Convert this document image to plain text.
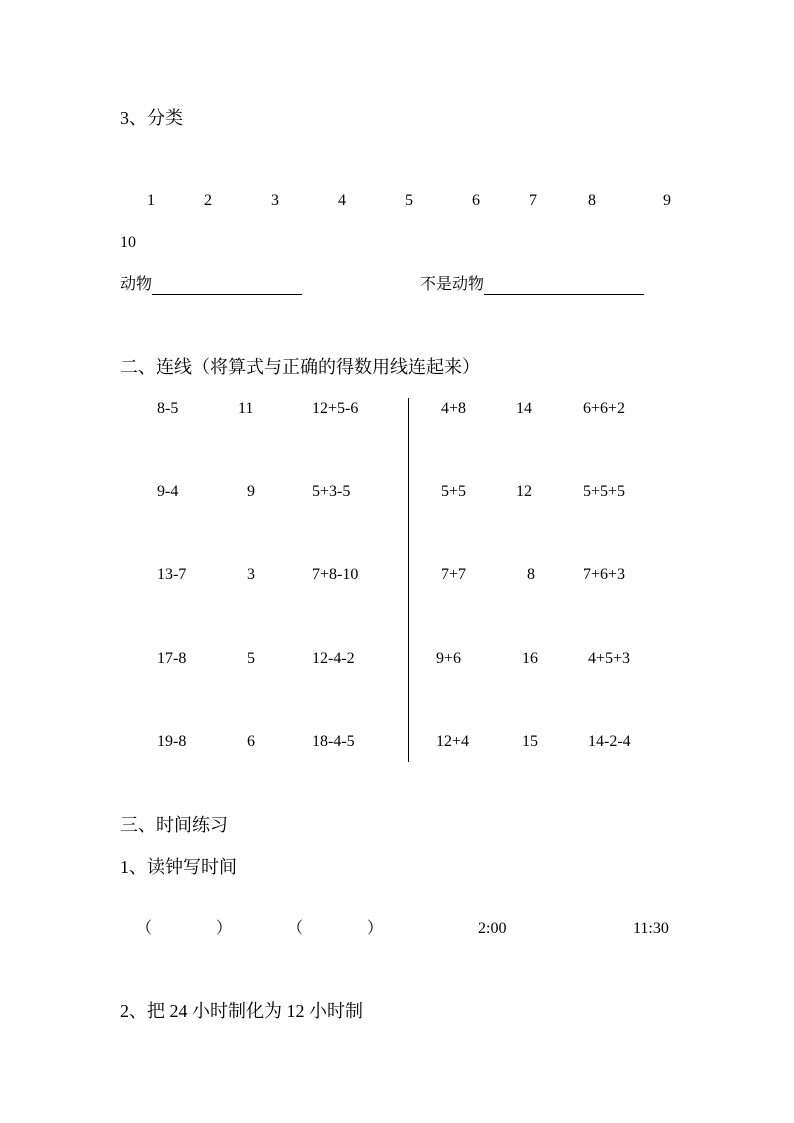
3、分类
1	2	3	4	5	6	7	8	9
10
动物	不是动物
二、连线（将算式与正确的得数用线连起来）
8-5	11	12+5-6
9-4	9	5+3-5
13-7	3	7+8-10
17-8	5	12-4-2
19-8	6	18-4-5
4+8	14	6+6+2
5+5	12	5+5+5
7+7	8	7+6+3
9+6	16	4+5+3
12+4	15	14-2-4
三、时间练习
1、读钟写时间
（	）	（	）	2:00	11:30
2、把 24 小时制化为 12 小时制
